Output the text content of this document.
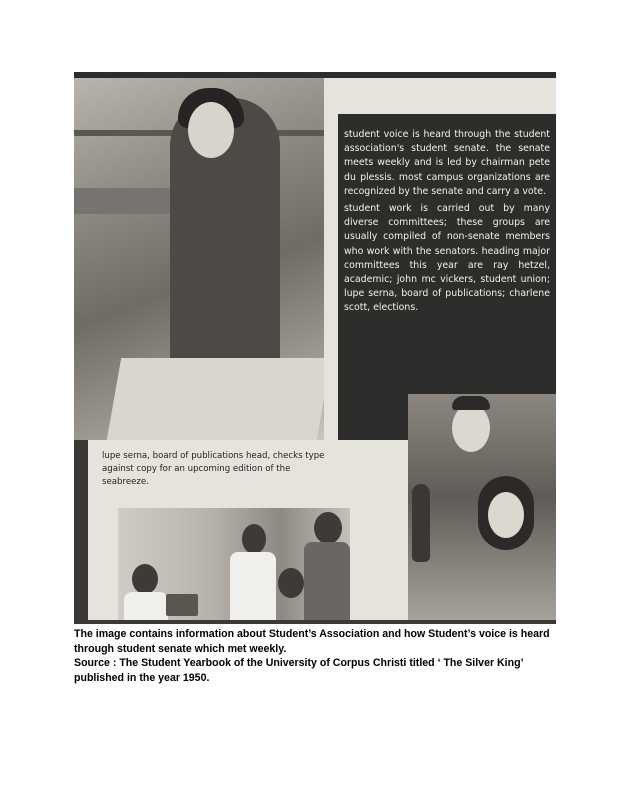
student voice is heard through the student association's student senate. the senate meets weekly and is led by chairman pete du plessis. most campus organizations are recognized by the senate and carry a vote.

student work is carried out by many diverse committees; these groups are usually compiled of non-senate members who work with the senators. heading major committees this year are ray hetzel, academic; john mc vickers, student union; lupe serna, board of publications; charlene scott, elections.

lupe serna, board of publications head, checks type against copy for an upcoming edition of the seabreeze.

The image contains information about Student’s Association and how Student’s voice is heard through student senate which met weekly.
Source : The Student Yearbook of the University of Corpus Christi titled ‘ The Silver King’ published in the year 1950.
